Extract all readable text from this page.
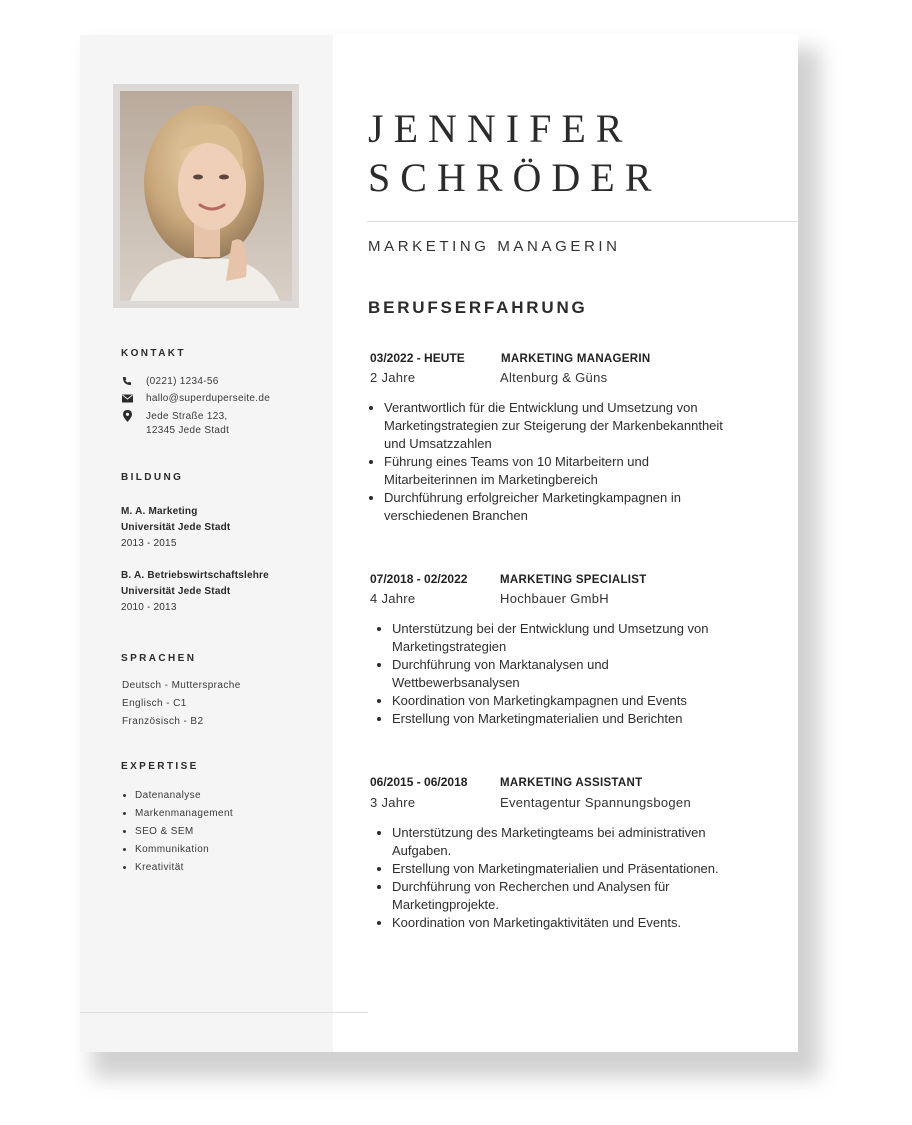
KONTAKT
(0221) 1234-56
hallo@superduperseite.de
Jede Straße 123,
12345 Jede Stadt
BILDUNG
M. A. Marketing
Universität Jede Stadt
2013 - 2015
B. A. Betriebswirtschaftslehre
Universität Jede Stadt
2010 - 2013
SPRACHEN
Deutsch - Muttersprache
Englisch - C1
Französisch - B2
EXPERTISE
• Datenanalyse
• Markenmanagement
• SEO & SEM
• Kommunikation
• Kreativität
JENNIFER
SCHRÖDER
MARKETING MANAGERIN
BERUFSERFAHRUNG
03/2022 - HEUTE	MARKETING MANAGERIN
2 Jahre	Altenburg & Güns
• Verantwortlich für die Entwicklung und Umsetzung von Marketingstrategien zur Steigerung der Markenbekanntheit und Umsatzzahlen
• Führung eines Teams von 10 Mitarbeitern und Mitarbeiterinnen im Marketingbereich
• Durchführung erfolgreicher Marketingkampagnen in verschiedenen Branchen
07/2018 - 02/2022	MARKETING SPECIALIST
4 Jahre	Hochbauer GmbH
• Unterstützung bei der Entwicklung und Umsetzung von Marketingstrategien
• Durchführung von Marktanalysen und Wettbewerbsanalysen
• Koordination von Marketingkampagnen und Events
• Erstellung von Marketingmaterialien und Berichten
06/2015 - 06/2018	MARKETING ASSISTANT
3 Jahre	Eventagentur Spannungsbogen
• Unterstützung des Marketingteams bei administrativen Aufgaben.
• Erstellung von Marketingmaterialien und Präsentationen.
• Durchführung von Recherchen und Analysen für Marketingprojekte.
• Koordination von Marketingaktivitäten und Events.
